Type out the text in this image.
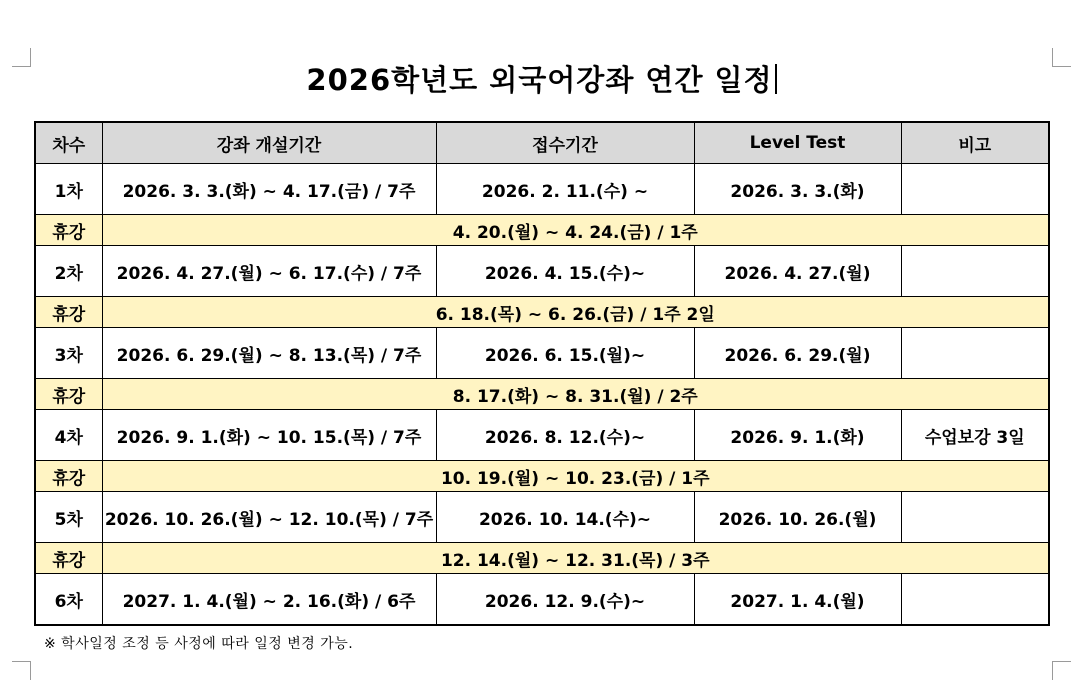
2026학년도 외국어강좌 연간 일정
차수	강좌 개설기간	접수기간	Level Test	비고
1차	2026. 3. 3.(화) ~ 4. 17.(금) / 7주	2026. 2. 11.(수) ~	2026. 3. 3.(화)	
휴강	4. 20.(월) ~ 4. 24.(금) / 1주			
2차	2026. 4. 27.(월) ~ 6. 17.(수) / 7주	2026. 4. 15.(수)~	2026. 4. 27.(월)	
휴강	6. 18.(목) ~ 6. 26.(금) / 1주 2일			
3차	2026. 6. 29.(월) ~ 8. 13.(목) / 7주	2026. 6. 15.(월)~	2026. 6. 29.(월)	
휴강	8. 17.(화) ~ 8. 31.(월) / 2주			
4차	2026. 9. 1.(화) ~ 10. 15.(목) / 7주	2026. 8. 12.(수)~	2026. 9. 1.(화)	수업보강 3일
휴강	10. 19.(월) ~ 10. 23.(금) / 1주			
5차	2026. 10. 26.(월) ~ 12. 10.(목) / 7주	2026. 10. 14.(수)~	2026. 10. 26.(월)	
휴강	12. 14.(월) ~ 12. 31.(목) / 3주			
6차	2027. 1. 4.(월) ~ 2. 16.(화) / 6주	2026. 12. 9.(수)~	2027. 1. 4.(월)	
※ 학사일정 조정 등 사정에 따라 일정 변경 가능.
